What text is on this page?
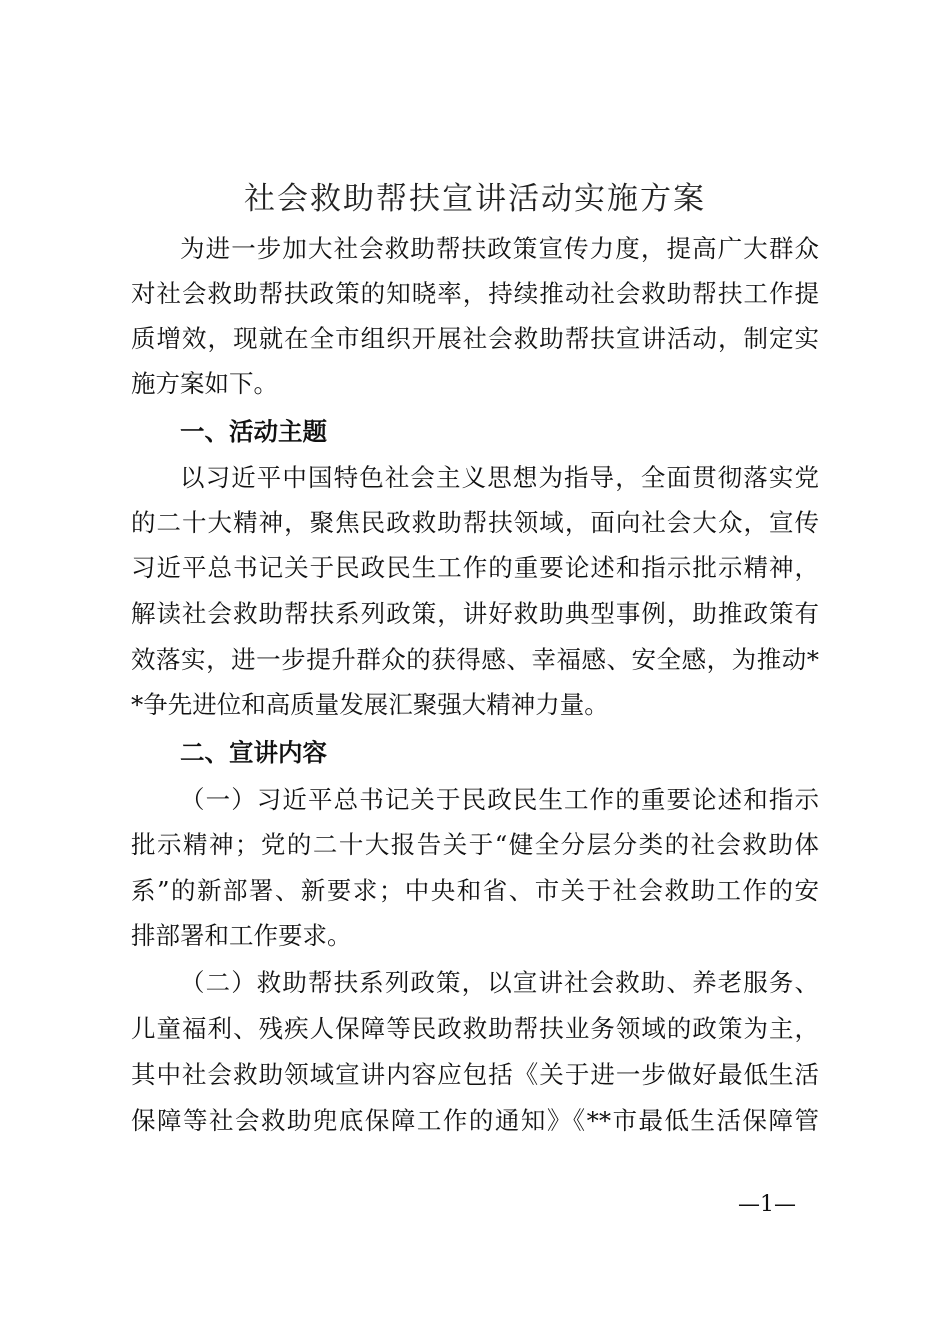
社会救助帮扶宣讲活动实施方案
为进一步加大社会救助帮扶政策宣传力度，提高广大群众
对社会救助帮扶政策的知晓率，持续推动社会救助帮扶工作提
质增效，现就在全市组织开展社会救助帮扶宣讲活动，制定实
施方案如下。
一、活动主题
以习近平中国特色社会主义思想为指导，全面贯彻落实党
的二十大精神，聚焦民政救助帮扶领域，面向社会大众，宣传
习近平总书记关于民政民生工作的重要论述和指示批示精神，
解读社会救助帮扶系列政策，讲好救助典型事例，助推政策有
效落实，进一步提升群众的获得感、幸福感、安全感，为推动*
*争先进位和高质量发展汇聚强大精神力量。
二、宣讲内容
（一）习近平总书记关于民政民生工作的重要论述和指示
批示精神；党的二十大报告关于“健全分层分类的社会救助体
系”的新部署、新要求；中央和省、市关于社会救助工作的安
排部署和工作要求。
（二）救助帮扶系列政策，以宣讲社会救助、养老服务、
儿童福利、残疾人保障等民政救助帮扶业务领域的政策为主，
其中社会救助领域宣讲内容应包括《关于进一步做好最低生活
保障等社会救助兜底保障工作的通知》《**市最低生活保障管
—1—
